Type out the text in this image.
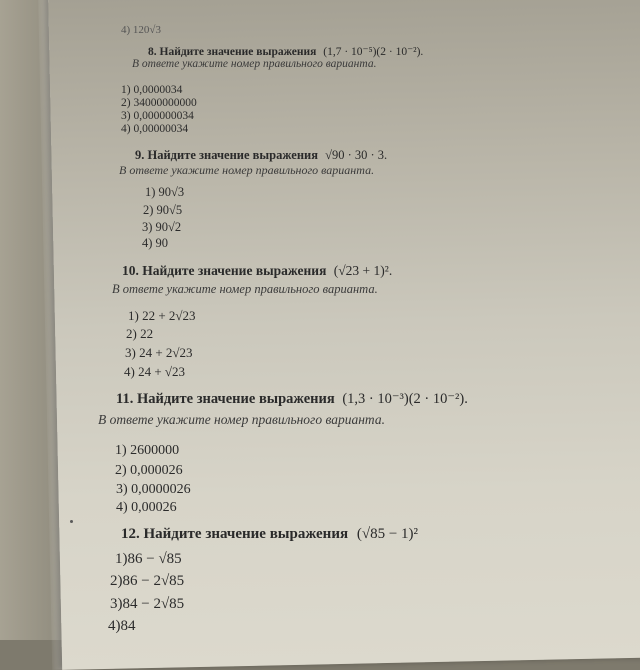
4) 120√3
8. Найдите значение выражения (1,7 · 10⁻⁵)(2 · 10⁻²).
В ответе укажите номер правильного варианта.
1) 0,0000034
2) 34000000000
3) 0,000000034
4) 0,00000034
9. Найдите значение выражения √90 · 30 · 3.
В ответе укажите номер правильного варианта.
1) 90√3
2) 90√5
3) 90√2
4) 90
10. Найдите значение выражения (√23 + 1)².
В ответе укажите номер правильного варианта.
1) 22 + 2√23
2) 22
3) 24 + 2√23
4) 24 + √23
11. Найдите значение выражения (1,3 · 10⁻³)(2 · 10⁻²).
В ответе укажите номер правильного варианта.
1) 2600000
2) 0,000026
3) 0,0000026
4) 0,00026
12. Найдите значение выражения (√85 − 1)²
1)86 − √85
2)86 − 2√85
3)84 − 2√85
4)84
